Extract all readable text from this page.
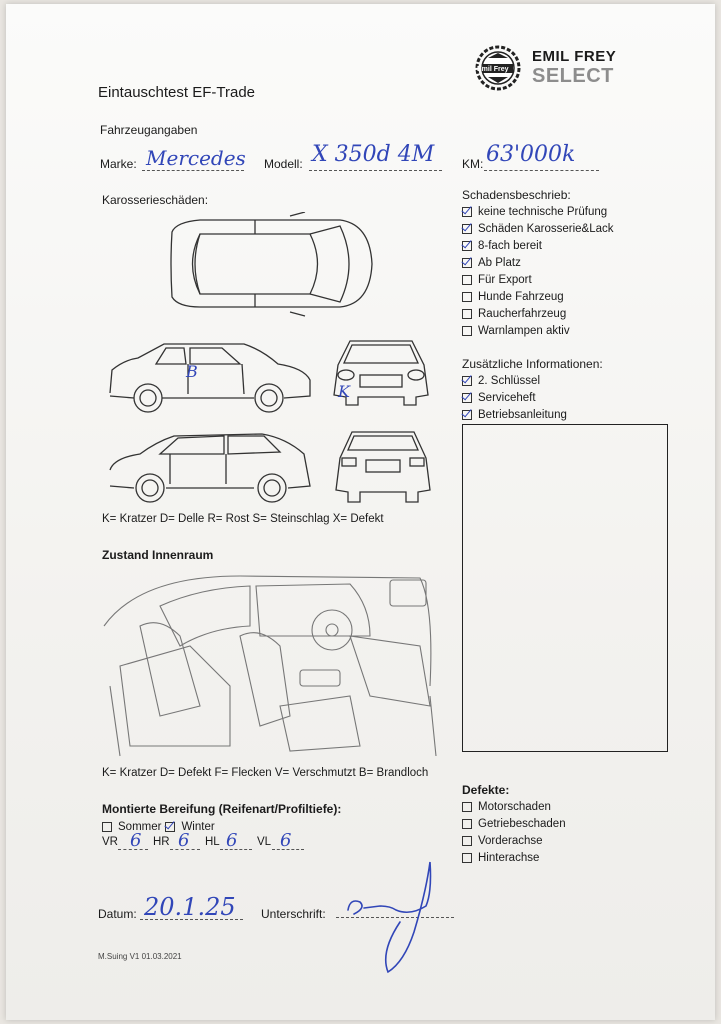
Emil Frey
EMIL FREY
SELECT
Eintauschtest EF-Trade
Fahrzeugangaben
Marke: Mercedes Modell: X 350d 4M KM: 63'000k
Karosserieschäden:
B
K
K= Kratzer D= Delle R= Rost S= Steinschlag X= Defekt
Schadensbeschrieb:
keine technische Prüfung
Schäden Karosserie&Lack
8-fach bereit
Ab Platz
Für Export
Hunde Fahrzeug
Raucherfahrzeug
Warnlampen aktiv
Zusätzliche Informationen:
2. Schlüssel
Serviceheft
Betriebsanleitung
Zustand Innenraum
K= Kratzer D= Defekt F= Flecken V= Verschmutzt B= Brandloch
Montierte Bereifung (Reifenart/Profiltiefe):
Sommer Winter
VR 6 HR 6 HL 6 VL 6
Defekte:
Motorschaden
Getriebeschaden
Vorderachse
Hinterachse
Datum: 20.1.25 Unterschrift:
M.Suing V1 01.03.2021
